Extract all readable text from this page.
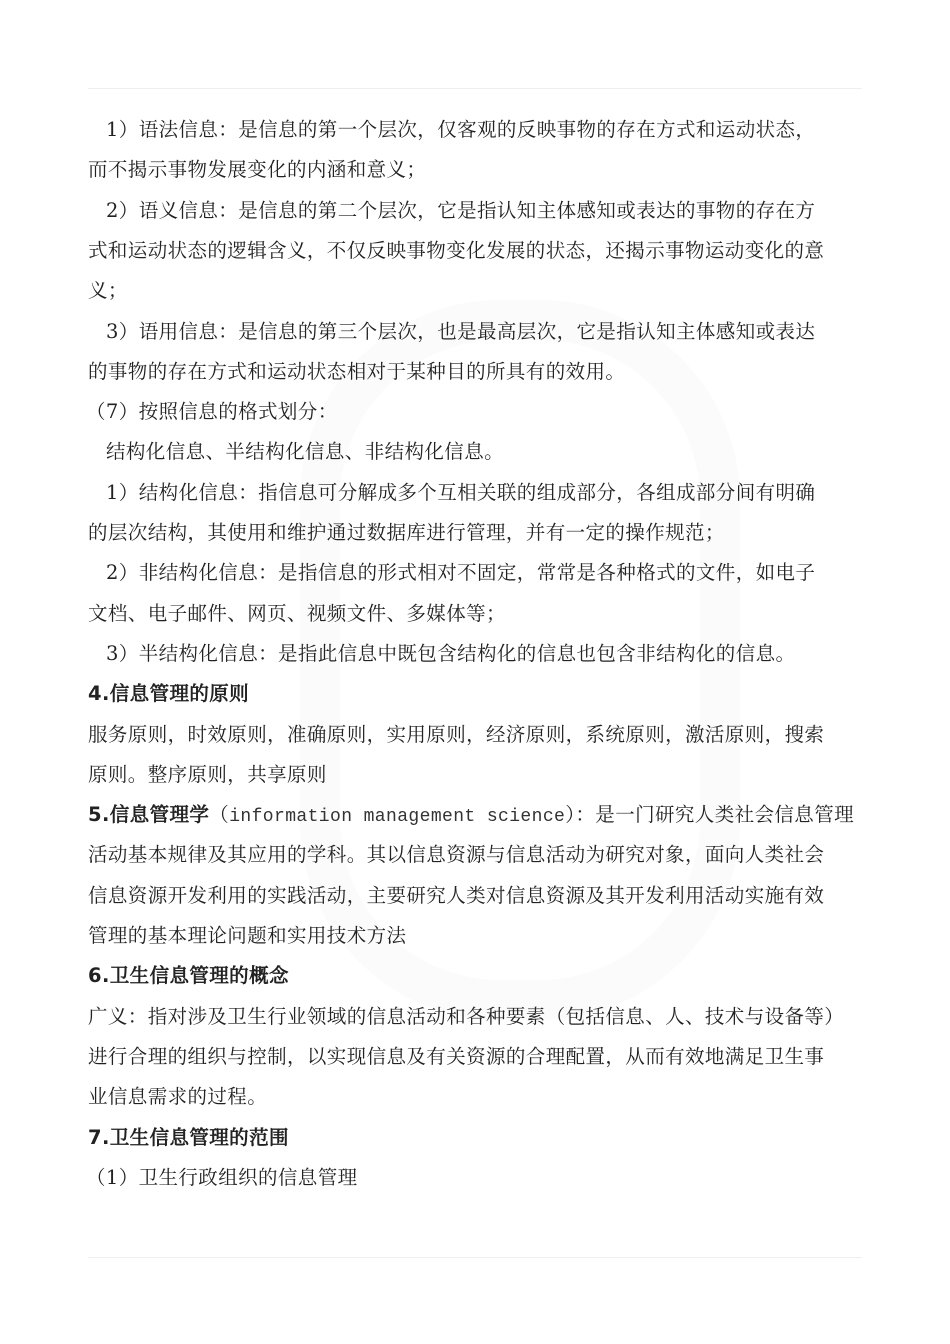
1）语法信息：是信息的第一个层次，仅客观的反映事物的存在方式和运动状态，
而不揭示事物发展变化的内涵和意义；
2）语义信息：是信息的第二个层次，它是指认知主体感知或表达的事物的存在方
式和运动状态的逻辑含义，不仅反映事物变化发展的状态，还揭示事物运动变化的意
义；
3）语用信息：是信息的第三个层次，也是最高层次，它是指认知主体感知或表达
的事物的存在方式和运动状态相对于某种目的所具有的效用。
（7）按照信息的格式划分：
结构化信息、半结构化信息、非结构化信息。
1）结构化信息：指信息可分解成多个互相关联的组成部分，各组成部分间有明确
的层次结构，其使用和维护通过数据库进行管理，并有一定的操作规范；
2）非结构化信息：是指信息的形式相对不固定，常常是各种格式的文件，如电子
文档、电子邮件、网页、视频文件、多媒体等；
3）半结构化信息：是指此信息中既包含结构化的信息也包含非结构化的信息。
4.信息管理的原则
服务原则，时效原则，准确原则，实用原则，经济原则，系统原则，激活原则，搜索
原则。整序原则，共享原则
5.信息管理学（information management science）：是一门研究人类社会信息管理
活动基本规律及其应用的学科。其以信息资源与信息活动为研究对象，面向人类社会
信息资源开发利用的实践活动，主要研究人类对信息资源及其开发利用活动实施有效
管理的基本理论问题和实用技术方法
6.卫生信息管理的概念
广义：指对涉及卫生行业领域的信息活动和各种要素（包括信息、人、技术与设备等）
进行合理的组织与控制，以实现信息及有关资源的合理配置，从而有效地满足卫生事
业信息需求的过程。
7.卫生信息管理的范围
（1）卫生行政组织的信息管理
